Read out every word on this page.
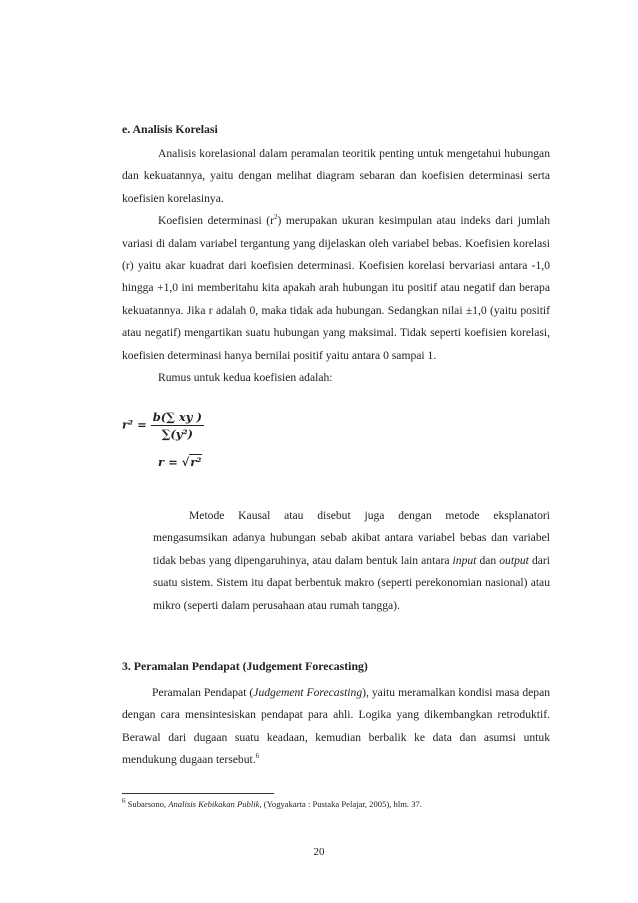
e. Analisis Korelasi

Analisis korelasional dalam peramalan teoritik penting untuk mengetahui hubungan dan kekuatannya, yaitu dengan melihat diagram sebaran dan koefisien determinasi serta koefisien korelasinya.

Koefisien determinasi $(r^2)$ merupakan ukuran kesimpulan atau indeks dari jumlah variasi di dalam variabel tergantung yang dijelaskan oleh variabel bebas. Koefisien korelasi (r) yaitu akar kuadrat dari koefisien determinasi. Koefisien korelasi bervariasi antara -1,0 hingga +1,0 ini memberitahu kita apakah arah hubungan itu positif atau negatif dan berapa kekuatannya. Jika r adalah 0, maka tidak ada hubungan. Sedangkan nilai ±1,0 (yaitu positif atau negatif) mengartikan suatu hubungan yang maksimal. Tidak seperti koefisien korelasi, koefisien determinasi hanya bernilai positif yaitu antara 0 sampai 1.

Rumus untuk kedua koefisien adalah:

$r^2 = \frac{b(\sum xy )}{\text{∑(y²)}}$
r = √r²

Metode Kausal atau disebut juga dengan metode eksplanatori mengasumsikan adanya hubungan sebab akibat antara variabel bebas dan variabel tidak bebas yang dipengaruhinya, atau dalam bentuk lain antara input dan output dari suatu sistem. Sistem itu dapat berbentuk makro (seperti perekonomian nasional) atau mikro (seperti dalam perusahaan atau rumah tangga).

3. Peramalan Pendapat (Judgement Forecasting)

Peramalan Pendapat (Judgement Forecasting), yaitu meramalkan kondisi masa depan dengan cara mensintesiskan pendapat para ahli. Logika yang dikembangkan retroduktif. Berawal dari dugaan suatu keadaan, kemudian berbalik ke data dan asumsi untuk mendukung dugaan tersebut.$^6$

$^6$ Subarsono, Analisis Kebikakan Publik, (Yogyakarta : Pustaka Pelajar, 2005), hlm. 37.
20
